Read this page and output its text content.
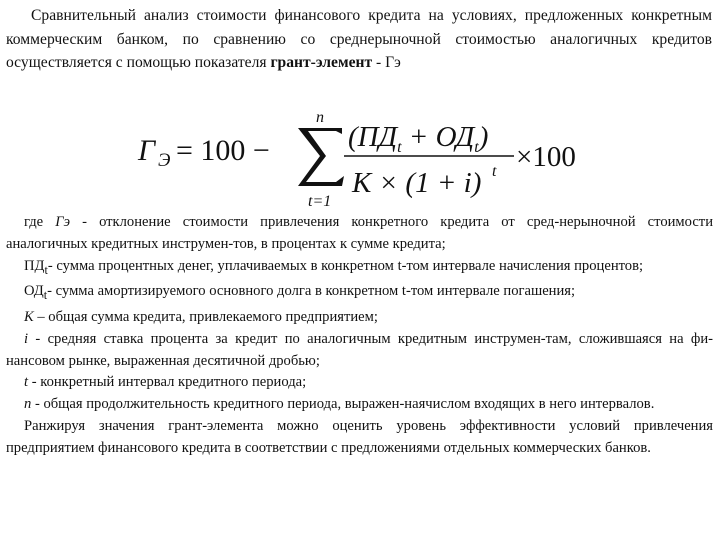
Сравнительный анализ стоимости финансового кредита на условиях, предложенных конкретным коммерческим банком, по сравнению со среднерыночной стоимостью аналогичных кредитов осуществляется с помощью показателя грант-элемент - Гэ

Г Э = 100 −
n
t=1
$(ПД_t + ОД_t)$
K × (1 + i) t ×100

где Гэ - отклонение стоимости привлечения конкретного кредита от сред-нерыночной стоимости аналогичных кредитных инструмен-тов, в процентах к сумме кредита;

$ПД_t-$ сумма процентных денег, уплачиваемых в конкретном t-том интервале начисления процентов;

$ОД_t-$ сумма амортизируемого основного долга в конкретном t-том интервале погашения;

К – общая сумма кредита, привлекаемого предприятием;

i - средняя ставка процента за кредит по аналогичным кредитным инструмен-там, сложившаяся на фи-нансовом рынке, выраженная десятичной дробью;

t - конкретный интервал кредитного периода;

n - общая продолжительность кредитного периода, выражен-наячислом входящих в него интервалов.

Ранжируя значения грант-элемента можно оценить уровень эффективности условий привлечения предприятием финансового кредита в соответствии с предложениями отдельных коммерческих банков.
